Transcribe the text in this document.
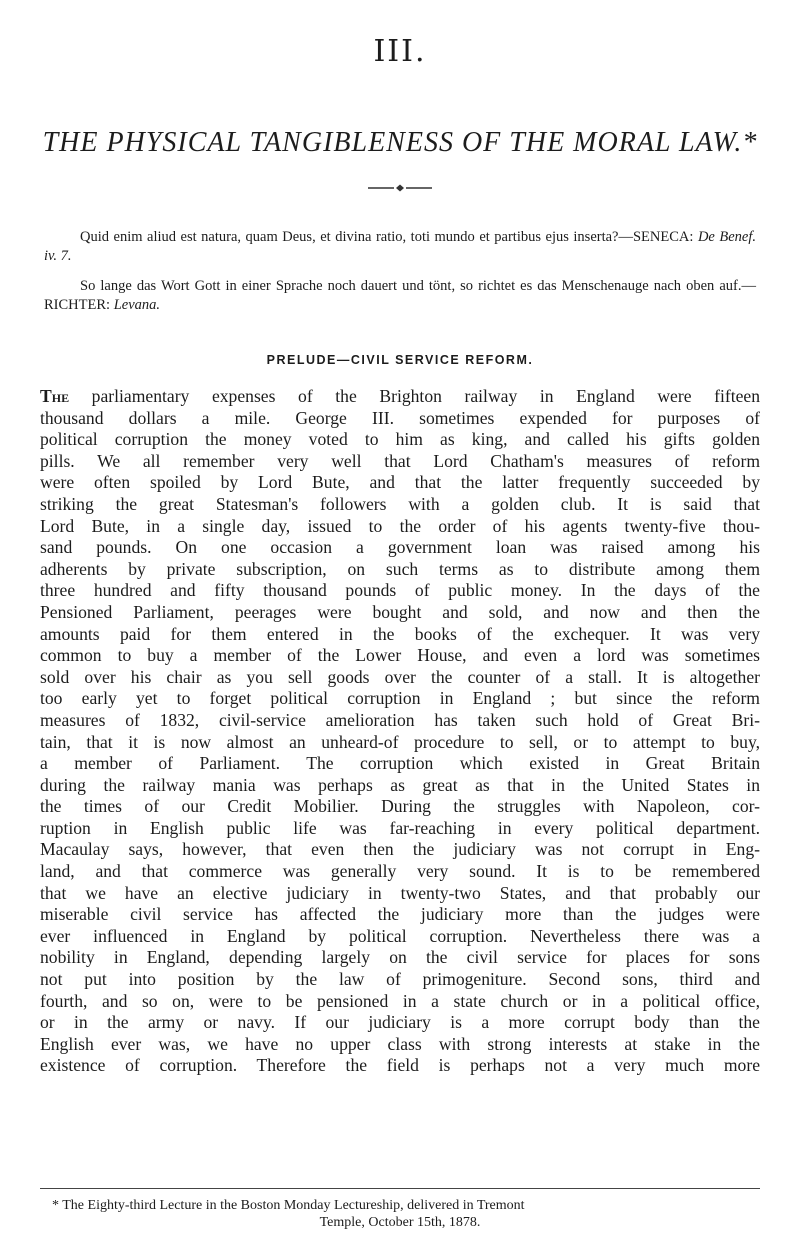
III.
THE PHYSICAL TANGIBLENESS OF THE MORAL LAW.*
Quid enim aliud est natura, quam Deus, et divina ratio, toti mundo et partibus ejus inserta?—SENECA: De Benef. iv. 7.
So lange das Wort Gott in einer Sprache noch dauert und tönt, so richtet es das Menschenauge nach oben auf.—RICHTER: Levana.
PRELUDE—CIVIL SERVICE REFORM.
The parliamentary expenses of the Brighton railway in England were fifteen
thousand dollars a mile. George III. sometimes expended for purposes of
political corruption the money voted to him as king, and called his gifts golden
pills. We all remember very well that Lord Chatham's measures of reform
were often spoiled by Lord Bute, and that the latter frequently succeeded by
striking the great Statesman's followers with a golden club. It is said that
Lord Bute, in a single day, issued to the order of his agents twenty-five thou-
sand pounds. On one occasion a government loan was raised among his
adherents by private subscription, on such terms as to distribute among them
three hundred and fifty thousand pounds of public money. In the days of the
Pensioned Parliament, peerages were bought and sold, and now and then the
amounts paid for them entered in the books of the exchequer. It was very
common to buy a member of the Lower House, and even a lord was sometimes
sold over his chair as you sell goods over the counter of a stall. It is altogether
too early yet to forget political corruption in England ; but since the reform
measures of 1832, civil-service amelioration has taken such hold of Great Bri-
tain, that it is now almost an unheard-of procedure to sell, or to attempt to buy,
a member of Parliament. The corruption which existed in Great Britain
during the railway mania was perhaps as great as that in the United States in
the times of our Credit Mobilier. During the struggles with Napoleon, cor-
ruption in English public life was far-reaching in every political department.
Macaulay says, however, that even then the judiciary was not corrupt in Eng-
land, and that commerce was generally very sound. It is to be remembered
that we have an elective judiciary in twenty-two States, and that probably our
miserable civil service has affected the judiciary more than the judges were
ever influenced in England by political corruption. Nevertheless there was a
nobility in England, depending largely on the civil service for places for sons
not put into position by the law of primogeniture. Second sons, third and
fourth, and so on, were to be pensioned in a state church or in a political office,
or in the army or navy. If our judiciary is a more corrupt body than the
English ever was, we have no upper class with strong interests at stake in the
existence of corruption. Therefore the field is perhaps not a very much more
* The Eighty-third Lecture in the Boston Monday Lectureship, delivered in Tremont
Temple, October 15th, 1878.
